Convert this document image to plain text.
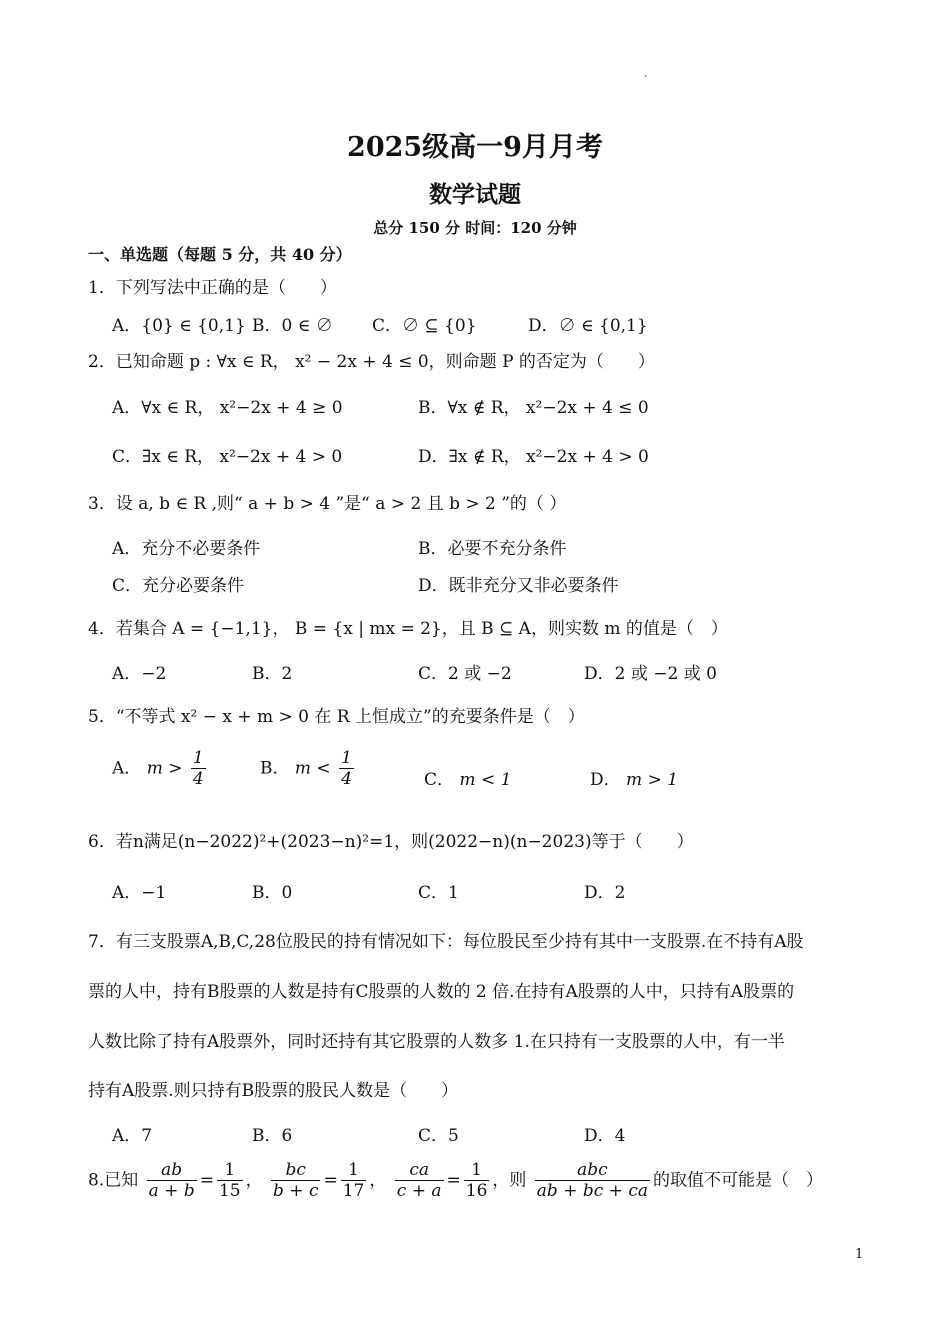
2025级高一9月月考
数学试题
总分 150 分 时间：120 分钟
一、单选题（每题 5 分，共 40 分）
1．下列写法中正确的是（　　）
A．{0} ∈ {0,1} B．0 ∈ ∅ C．∅ ⊆ {0}	D．∅ ∈ {0,1}
2．已知命题 p : ∀x ∈ R， x² − 2x + 4 ≤ 0，则命题 P 的否定为（　　）
A．∀x ∈ R， x²−2x + 4 ≥ 0	B．∀x ∉ R， x²−2x + 4 ≤ 0
C．∃x ∈ R， x²−2x + 4 > 0	D．∃x ∉ R， x²−2x + 4 > 0
3．设 a, b ∈ R ,则“ a + b > 4 ”是“ a > 2 且 b > 2 ”的（ ）
A．充分不必要条件	B．必要不充分条件
C．充分必要条件	D．既非充分又非必要条件
4．若集合 A = {−1,1}， B = {x | mx = 2}，且 B ⊆ A，则实数 m 的值是（　）
A．−2	B．2	C．2 或 −2	D．2 或 −2 或 0
5．“不等式 x² − x + m > 0 在 R 上恒成立”的充要条件是（　）
A． $m > \frac{1}{4}$	B． $m < \frac{1}{4}$	C． m < 1	D． m > 1
6．若n满足(n−2022)²+(2023−n)²=1，则(2022−n)(n−2023)等于（　　）
A．−1	B．0	C．1	D．2
7．有三支股票A,B,C,28位股民的持有情况如下：每位股民至少持有其中一支股票.在不持有A股
票的人中，持有B股票的人数是持有C股票的人数的 2 倍.在持有A股票的人中，只持有A股票的
人数比除了持有A股票外，同时还持有其它股票的人数多 1.在只持有一支股票的人中，有一半
持有A股票.则只持有B股票的股民人数是（　　）
A．7	B．6	C．5	D．4
8.已知 $\frac{ab}{a + b} = \frac{1}{15}$ ， $\frac{bc}{b + c} = \frac{1}{17}$ ， $\frac{ca}{c + a} = \frac{1}{16}$ ，则 $\frac{\text{abc}}{ab + bc + ca}$ 的取值不可能是（　）
1
